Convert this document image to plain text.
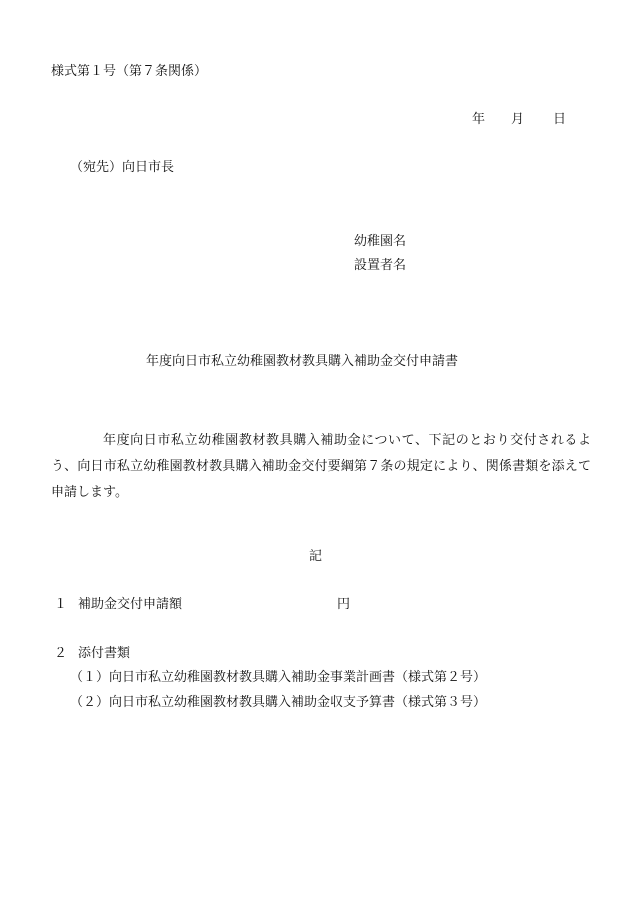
様式第１号（第７条関係）
年 月 日
（宛先）向日市長
幼稚園名
設置者名
年度向日市私立幼稚園教材教具購入補助金交付申請書
年度向日市私立幼稚園教材教具購入補助金について、下記のとおり交付されるよう、向日市私立幼稚園教材教具購入補助金交付要綱第７条の規定により、関係書類を添えて申請します。
記
１ 補助金交付申請額	円
２ 添付書類
（１）向日市私立幼稚園教材教具購入補助金事業計画書（様式第２号）
（２）向日市私立幼稚園教材教具購入補助金収支予算書（様式第３号）
